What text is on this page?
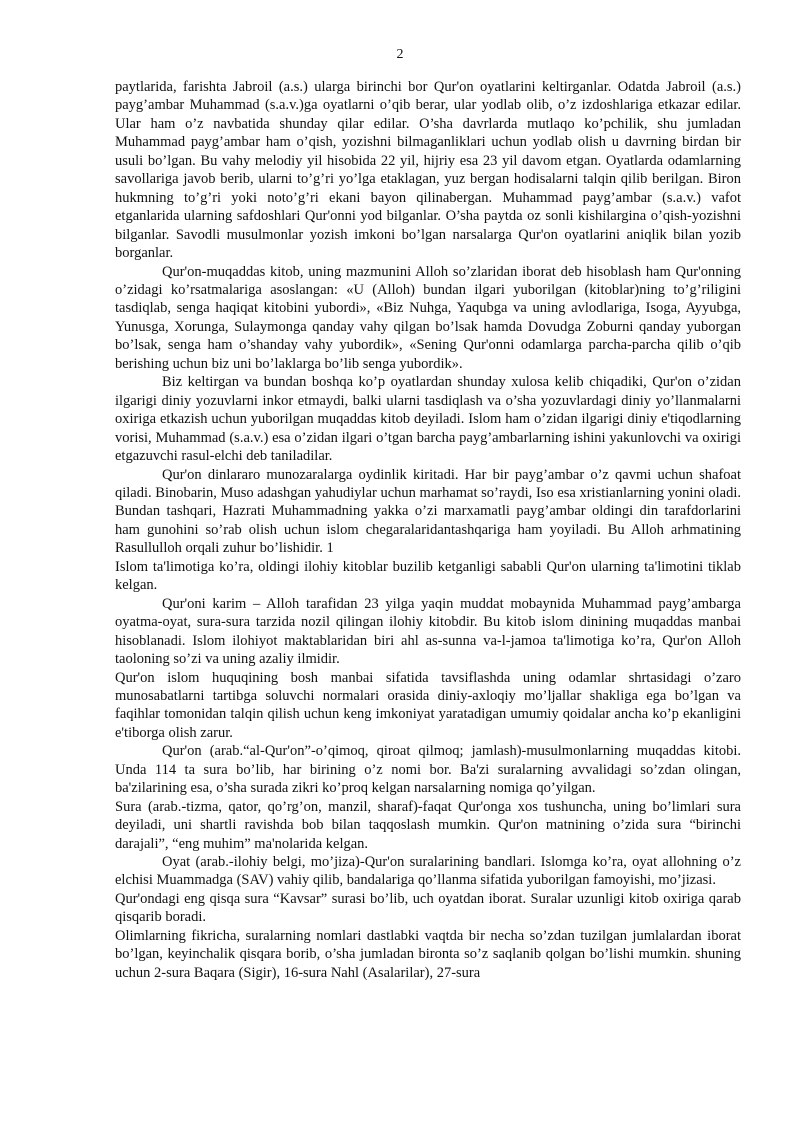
2

paytlarida, farishta Jabroil (a.s.) ularga birinchi bor Qur'on oyatlarini keltirganlar. Odatda Jabroil (a.s.) payg’ambar Muhammad (s.a.v.)ga oyatlarni o’qib berar, ular yodlab olib, o’z izdoshlariga etkazar edilar. Ular ham o’z navbatida shunday qilar edilar. O’sha davrlarda mutlaqo ko’pchilik, shu jumladan Muhammad payg’ambar ham o’qish, yozishni bilmaganliklari uchun yodlab olish u davrning birdan bir usuli bo’lgan. Bu vahy melodiy yil hisobida 22 yil, hijriy esa 23 yil davom etgan. Oyatlarda odamlarning savollariga javob berib, ularni to’g’ri yo’lga etaklagan, yuz bergan hodisalarni talqin qilib berilgan. Biron hukmning to’g’ri yoki noto’g’ri ekani bayon qilinabergan. Muhammad payg’ambar (s.a.v.) vafot etganlarida ularning safdoshlari Qur'onni yod bilganlar. O’sha paytda oz sonli kishilargina o’qish-yozishni bilganlar. Savodli musulmonlar yozish imkoni bo’lgan narsalarga Qur'on oyatlarini aniqlik bilan yozib borganlar.

Qur'on-muqaddas kitob, uning mazmunini Alloh so’zlaridan iborat deb hisoblash ham Qur'onning o’zidagi ko’rsatmalariga asoslangan: «U (Alloh) bundan ilgari yuborilgan (kitoblar)ning to’g’riligini tasdiqlab, senga haqiqat kitobini yubordi», «Biz Nuhga, Yaqubga va uning avlodlariga, Isoga, Ayyubga, Yunusga, Xorunga, Sulaymonga qanday vahy qilgan bo’lsak hamda Dovudga Zoburni qanday yuborgan bo’lsak, senga ham o’shanday vahy yubordik», «Sening Qur'onni odamlarga parcha-parcha qilib o’qib berishing uchun biz uni bo’laklarga bo’lib senga yubordik».

Biz keltirgan va bundan boshqa ko’p oyatlardan shunday xulosa kelib chiqadiki, Qur'on o’zidan ilgarigi diniy yozuvlarni inkor etmaydi, balki ularni tasdiqlash va o’sha yozuvlardagi diniy yo’llanmalarni oxiriga etkazish uchun yuborilgan muqaddas kitob deyiladi. Islom ham o’zidan ilgarigi diniy e'tiqodlarning vorisi, Muhammad (s.a.v.) esa o’zidan ilgari o’tgan barcha payg’ambarlarning ishini yakunlovchi va oxirigi etgazuvchi rasul-elchi deb taniladilar.

Qur'on dinlararo munozaralarga oydinlik kiritadi. Har bir payg’ambar o’z qavmi uchun shafoat qiladi. Binobarin, Muso adashgan yahudiylar uchun marhamat so’raydi, Iso esa xristianlarning yonini oladi. Bundan tashqari, Hazrati Muhammadning yakka o’zi marxamatli payg’ambar oldingi din tarafdorlarini ham gunohini so’rab olish uchun islom chegaralaridantashqariga ham yoyiladi. Bu Alloh arhmatining Rasullulloh orqali zuhur bo’lishidir. 1

Islom ta'limotiga ko’ra, oldingi ilohiy kitoblar buzilib ketganligi sababli Qur'on ularning ta'limotini tiklab kelgan.

Qur'oni karim – Alloh tarafidan 23 yilga yaqin muddat mobaynida Muhammad payg’ambarga oyatma-oyat, sura-sura tarzida nozil qilingan ilohiy kitobdir. Bu kitob islom dinining muqaddas manbai hisoblanadi. Islom ilohiyot maktablaridan biri ahl as-sunna va-l-jamoa ta'limotiga ko’ra, Qur'on Alloh taoloning so’zi va uning azaliy ilmidir.

Qur'on islom huquqining bosh manbai sifatida tavsiflashda uning odamlar shrtasidagi o’zaro munosabatlarni tartibga soluvchi normalari orasida diniy-axloqiy mo’ljallar shakliga ega bo’lgan va faqihlar tomonidan talqin qilish uchun keng imkoniyat yaratadigan umumiy qoidalar ancha ko’p ekanligini e'tiborga olish zarur.

Qur'on (arab.“al-Qur'on”-o’qimoq, qiroat qilmoq; jamlash)-musulmonlarning muqaddas kitobi. Unda 114 ta sura bo’lib, har birining o’z nomi bor. Ba'zi suralarning avvalidagi so’zdan olingan, ba'zilarining esa, o’sha surada zikri ko’proq kelgan narsalarning nomiga qo’yilgan.

Sura (arab.-tizma, qator, qo’rg’on, manzil, sharaf)-faqat Qur'onga xos tushuncha, uning bo’limlari sura deyiladi, uni shartli ravishda bob bilan taqqoslash mumkin. Qur'on matnining o’zida sura “birinchi darajali”, “eng muhim” ma'nolarida kelgan.

Oyat (arab.-ilohiy belgi, mo’jiza)-Qur'on suralarining bandlari. Islomga ko’ra, oyat allohning o’z elchisi Muammadga (SAV) vahiy qilib, bandalariga qo’llanma sifatida yuborilgan famoyishi, mo’jizasi.

Qur'ondagi eng qisqa sura “Kavsar” surasi bo’lib, uch oyatdan iborat. Suralar uzunligi kitob oxiriga qarab qisqarib boradi.

Olimlarning fikricha, suralarning nomlari dastlabki vaqtda bir necha so’zdan tuzilgan jumlalardan iborat bo’lgan, keyinchalik qisqara borib, o’sha jumladan bironta so’z saqlanib qolgan bo’lishi mumkin. shuning uchun 2-sura Baqara (Sigir), 16-sura Nahl (Asalarilar), 27-sura
